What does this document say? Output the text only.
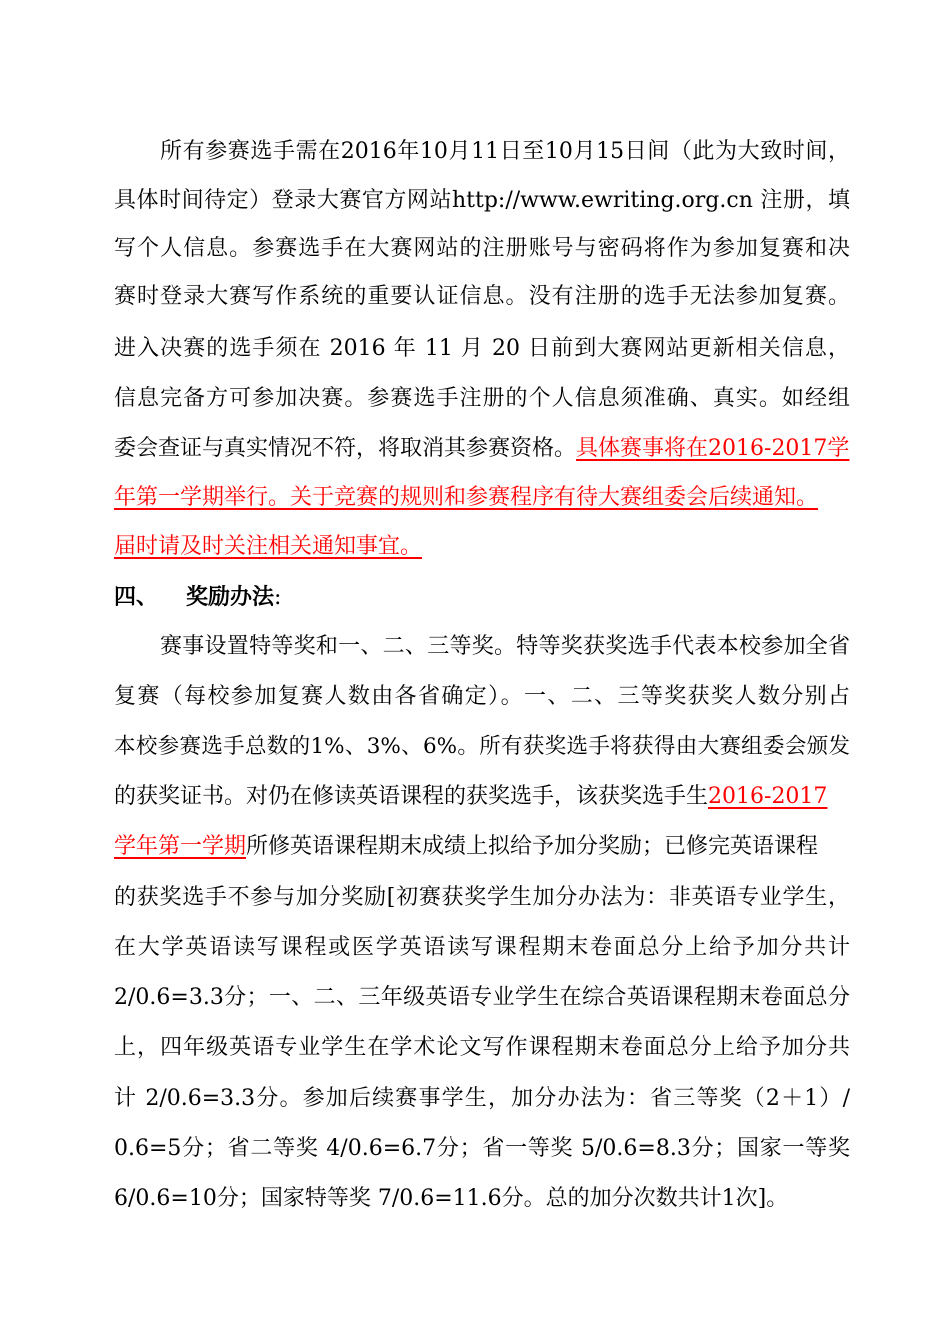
所有参赛选手需在2016年10月11日至10月15日间（此为大致时间，
具体时间待定）登录大赛官方网站http://www.ewriting.org.cn 注册，填
写个人信息。参赛选手在大赛网站的注册账号与密码将作为参加复赛和决
赛时登录大赛写作系统的重要认证信息。没有注册的选手无法参加复赛。
进入决赛的选手须在 2016 年 11 月 20 日前到大赛网站更新相关信息，
信息完备方可参加决赛。参赛选手注册的个人信息须准确、真实。如经组
委会查证与真实情况不符，将取消其参赛资格。具体赛事将在2016-2017学
年第一学期举行。关于竞赛的规则和参赛程序有待大赛组委会后续通知。
届时请及时关注相关通知事宜。
四、 奖励办法:
赛事设置特等奖和一、二、三等奖。特等奖获奖选手代表本校参加全省
复赛（每校参加复赛人数由各省确定）。一、二、三等奖获奖人数分别占
本校参赛选手总数的1%、3%、6%。所有获奖选手将获得由大赛组委会颁发
的获奖证书。对仍在修读英语课程的获奖选手，该获奖选手生2016-2017
学年第一学期所修英语课程期末成绩上拟给予加分奖励；已修完英语课程
的获奖选手不参与加分奖励[初赛获奖学生加分办法为：非英语专业学生，
在大学英语读写课程或医学英语读写课程期末卷面总分上给予加分共计
2/0.6=3.3分；一、二、三年级英语专业学生在综合英语课程期末卷面总分
上，四年级英语专业学生在学术论文写作课程期末卷面总分上给予加分共
计 2/0.6=3.3分。参加后续赛事学生，加分办法为：省三等奖（2＋1）/
0.6=5分；省二等奖 4/0.6=6.7分；省一等奖 5/0.6=8.3分；国家一等奖
6/0.6=10分；国家特等奖 7/0.6=11.6分。总的加分次数共计1次]。
